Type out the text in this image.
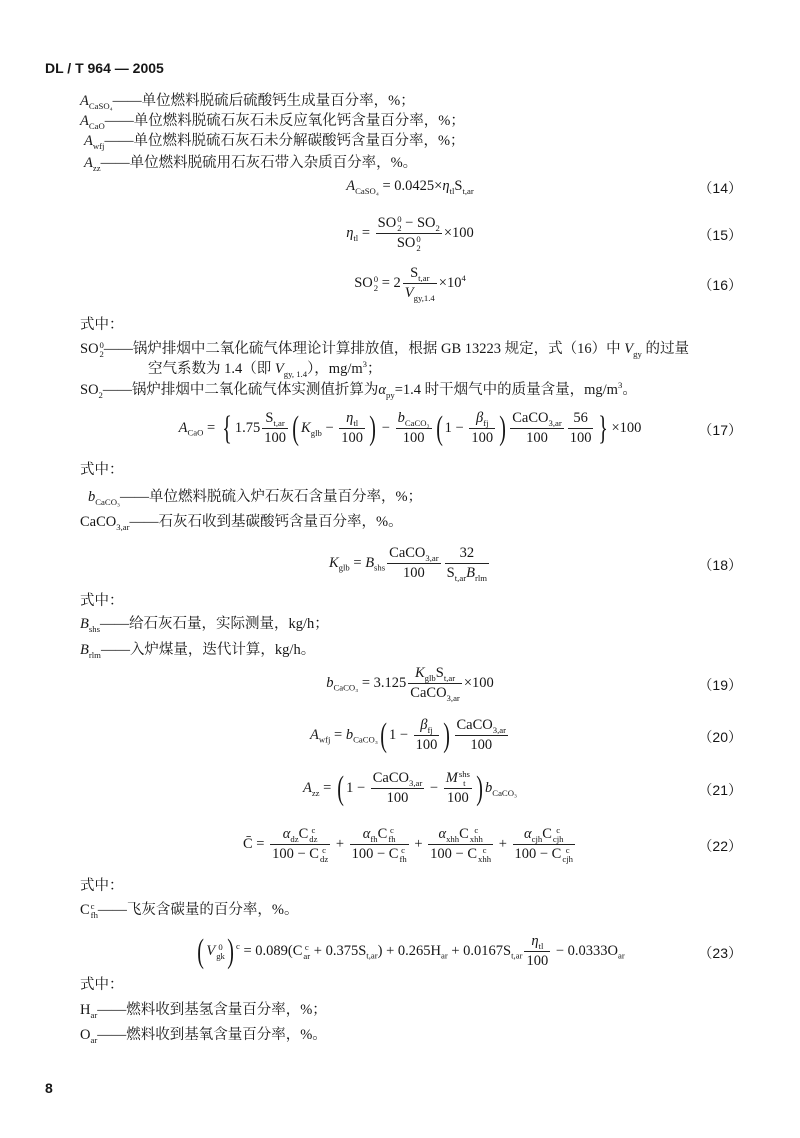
DL / T 964 — 2005
$A_{CaSO_4} = 0.0425\times\eta_{tl}S_{t,ar}$	（14）
$\eta_{tl}$ = SO 0
$2 - SO_2$
SO 0
2 ×100	（15）
SO 0
$2 = 2 \frac{S_{t,ar}}{V_{gy,1.4}} \times 10^4$	（16）
$A_{CaO}$ = { $1.75 \frac{S_{t,ar}}{100}$ ( $K_{glb} - \frac{\eta_{tl}}{100}$ ) − $\frac{b_{CaCO_3}}{100}$ ( $1 - \frac{\beta_{fj}}{100}$ ) $\frac{CaCO_{3,ar}}{100} \frac{56}{100}$ } ×100	（17）
$K_{glb} = B_{shs} \frac{CaCO_{3,ar}}{100} \frac{32}{S_{t,ar}B_{rlm}}$	（18）
$b_{CaCO_3} = 3.125 \frac{K_{glb}S_{t,ar}}{CaCO_{3,ar}} \times 100$	（19）
$A_{wfj} = b_{CaCO_3}$( $1 - \frac{\beta_{fj}}{100}$ ) $\frac{CaCO_{3,ar}}{100}$	（20）
$A_{zz}$ = ( $1 - \frac{CaCO_{3,ar}}{100} - M$ shs
t
100 ) $b_{CaCO_3}$	（21）
C̄ = $\alpha_{dz}C$ c
dz
100 − C c
dz + $\alpha_{fh}C$ c
fh
100 − C c
fh + $\alpha_{xhh}C$ c
xhh
100 − C c
xhh + $\alpha_{cjh}C$ c
cjh
100 − C c
cjh	（22）
( V 0
gk ) $^c$ = 0.089(C c
ar + $0.375S_{t,ar}) + 0.265H_{ar} + 0.0167S_{t,ar} \frac{\eta_{tl}}{100} - 0.0333O_{ar}$	（23）
$A_{CaSO_4}——$单位燃料脱硫后硫酸钙生成量百分率，%；
$A_{CaO}——$单位燃料脱硫石灰石未反应氧化钙含量百分率，%；
$A_{wfj}——$单位燃料脱硫石灰石未分解碳酸钙含量百分率，%；
$A_{zz}——$单位燃料脱硫用石灰石带入杂质百分率，%。
式中：
SO 0
2 ——锅炉排烟中二氧化硫气体理论计算排放值，根据 GB 13223 规定，式（16）中 $V_{gy}$ 的过量
空气系数为 1.4（即 $V_{gy, 1.4}$），$mg/m^3$；
$SO_2——$锅炉排烟中二氧化硫气体实测值折算为$\alpha_{py}=1.4$ 时干烟气中的质量含量，$mg/m^3$。
式中：
$b_{CaCO_3}——$单位燃料脱硫入炉石灰石含量百分率，%；
CaCO$_{3,ar}$——石灰石收到基碳酸钙含量百分率，%。
式中：
$B_{shs}——$给石灰石量，实际测量，kg/h；
$B_{rlm}——$入炉煤量，迭代计算，kg/h。
式中：
C c
fh ——飞灰含碳量的百分率，%。
式中：
$H_{ar}——$燃料收到基氢含量百分率，%；
$O_{ar}——$燃料收到基氧含量百分率，%。
8
